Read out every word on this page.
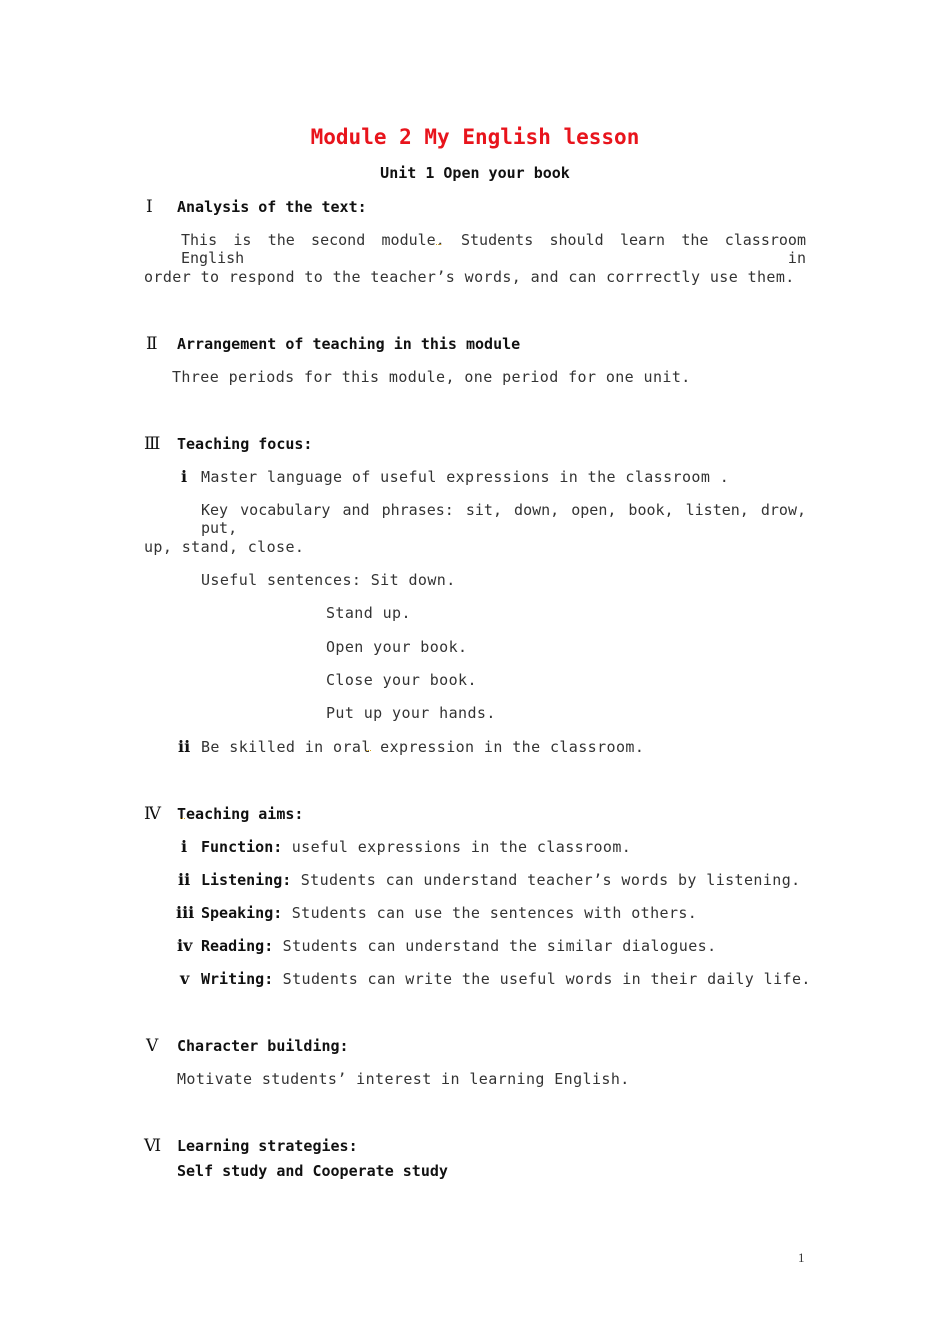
Module 2 My English lesson
Unit 1 Open your book
Ⅰ Analysis of the text:
This is the second module. Students should learn the classroom English in
order to respond to the teacher’s words, and can corrrectly use them.
Ⅱ Arrangement of teaching in this module
Three periods for this module, one period for one unit.
Ⅲ Teaching focus:
i Master language of useful expressions in the classroom .
Key vocabulary and phrases: sit, down, open, book, listen, drow, put,
up, stand, close.
Useful sentences: Sit down.
Stand up.
Open your book.
Close your book.
Put up your hands.
ii Be skilled in oral expression in the classroom.
Ⅳ Teaching aims:
i Function: useful expressions in the classroom.
ii Listening: Students can understand teacher’s words by listening.
iii Speaking: Students can use the sentences with others.
iv Reading: Students can understand the similar dialogues.
v Writing: Students can write the useful words in their daily life.
Ⅴ Character building:
Motivate students’ interest in learning English.
Ⅵ Learning strategies:
Self study and Cooperate study
1
